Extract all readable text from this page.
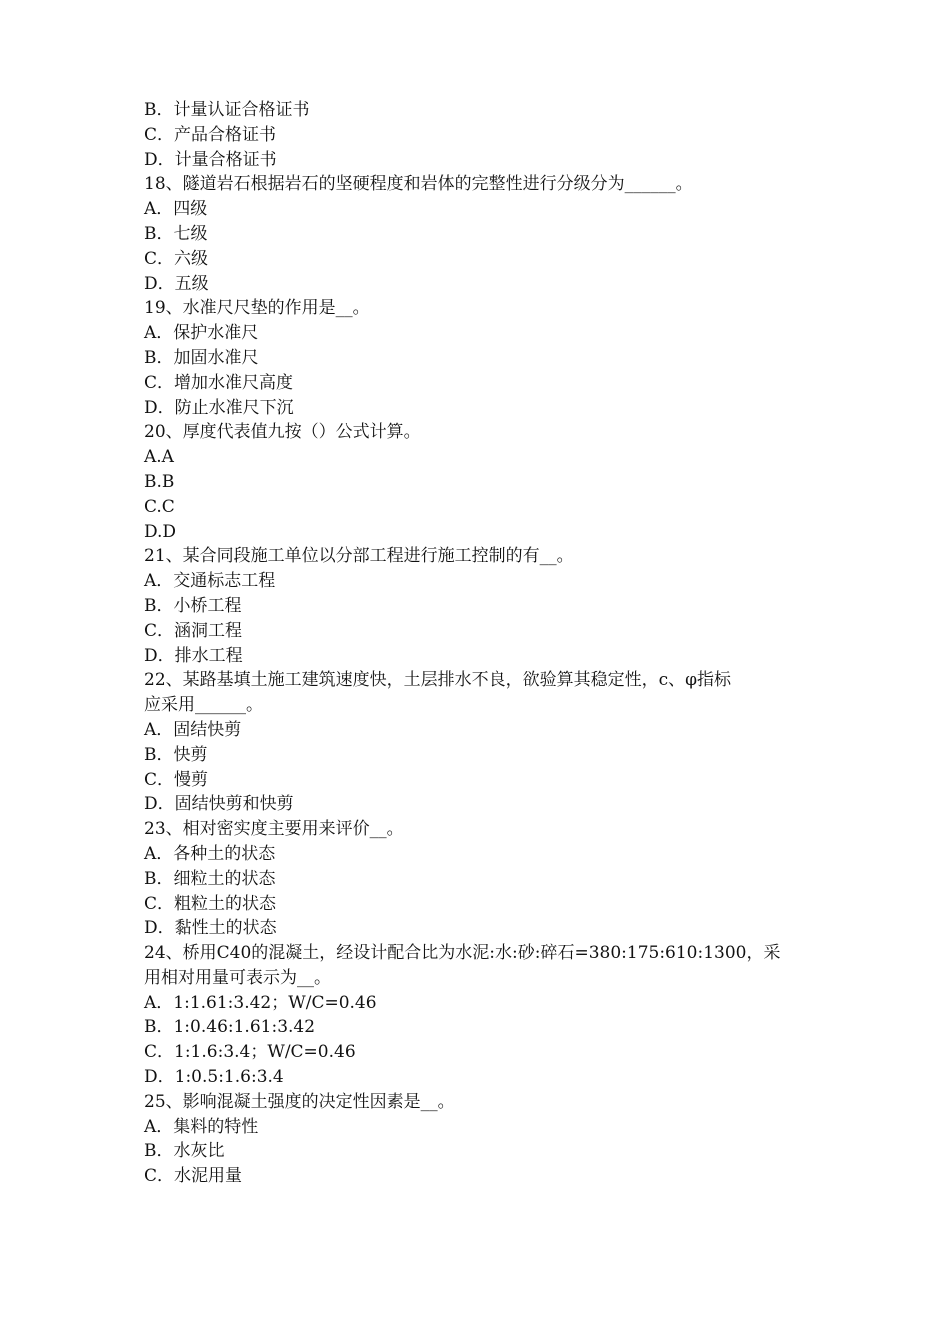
B．计量认证合格证书
C．产品合格证书
D．计量合格证书
18、隧道岩石根据岩石的坚硬程度和岩体的完整性进行分级分为______。
A．四级
B．七级
C．六级
D．五级
19、水准尺尺垫的作用是__。
A．保护水准尺
B．加固水准尺
C．增加水准尺高度
D．防止水准尺下沉
20、厚度代表值九按（）公式计算。
A.A
B.B
C.C
D.D
21、某合同段施工单位以分部工程进行施工控制的有__。
A．交通标志工程
B．小桥工程
C．涵洞工程
D．排水工程
22、某路基填土施工建筑速度快，土层排水不良，欲验算其稳定性，c、φ指标
应采用______。
A．固结快剪
B．快剪
C．慢剪
D．固结快剪和快剪
23、相对密实度主要用来评价__。
A．各种土的状态
B．细粒土的状态
C．粗粒土的状态
D．黏性土的状态
24、桥用C40的混凝土，经设计配合比为水泥:水:砂:碎石=380:175:610:1300，采
用相对用量可表示为__。
A．1:1.61:3.42；W/C=0.46
B．1:0.46:1.61:3.42
C．1:1.6:3.4；W/C=0.46
D．1:0.5:1.6:3.4
25、影响混凝土强度的决定性因素是__。
A．集料的特性
B．水灰比
C．水泥用量
